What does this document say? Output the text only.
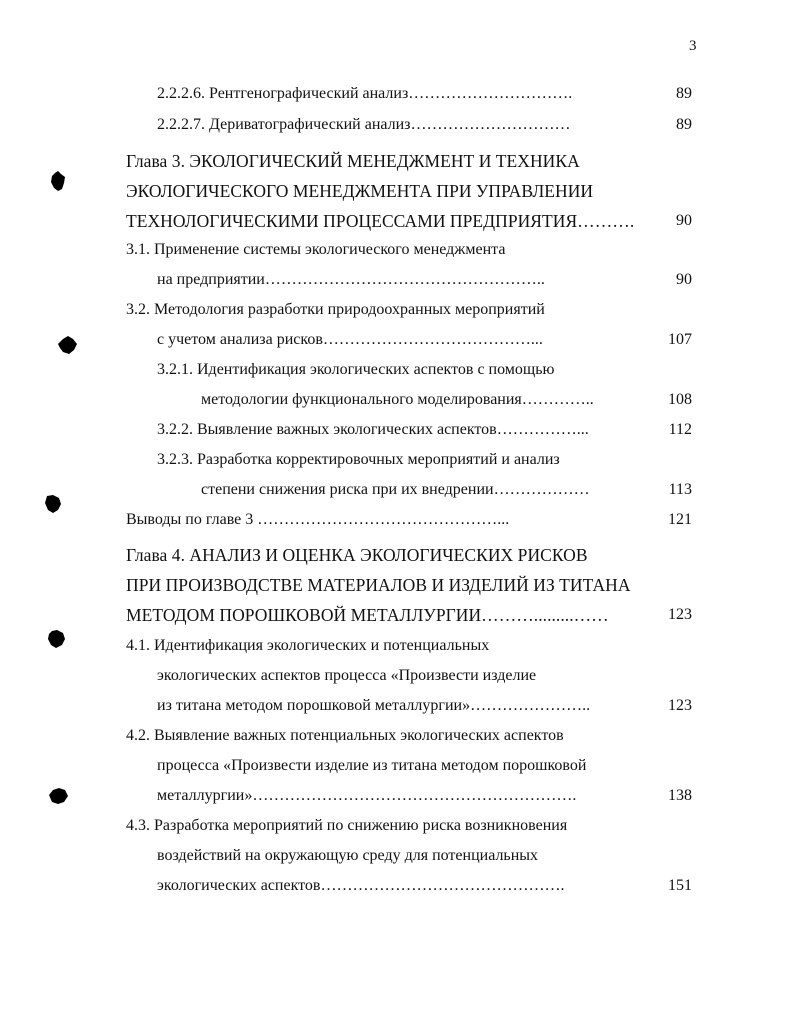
3
2.2.2.6. Рентгенографический анализ………………………….	89
2.2.2.7. Дериватографический анализ…………………………	89
Глава 3. ЭКОЛОГИЧЕСКИЙ МЕНЕДЖМЕНТ И ТЕХНИКА
ЭКОЛОГИЧЕСКОГО МЕНЕДЖМЕНТА ПРИ УПРАВЛЕНИИ
ТЕХНОЛОГИЧЕСКИМИ ПРОЦЕССАМИ ПРЕДПРИЯТИЯ……….	90
3.1. Применение системы экологического менеджмента
на предприятии……………………………………………..	90
3.2. Методология разработки природоохранных мероприятий
с учетом анализа рисков…………………………………...	107
3.2.1. Идентификация экологических аспектов с помощью
методологии функционального моделирования…………..	108
3.2.2. Выявление важных экологических аспектов……………...	112
3.2.3. Разработка корректировочных мероприятий и анализ
степени снижения риска при их внедрении………………	113
Выводы по главе 3 ………………………………………...	121
Глава 4. АНАЛИЗ И ОЦЕНКА ЭКОЛОГИЧЕСКИХ РИСКОВ
ПРИ ПРОИЗВОДСТВЕ МАТЕРИАЛОВ И ИЗДЕЛИЙ ИЗ ТИТАНА
МЕТОДОМ ПОРОШКОВОЙ МЕТАЛЛУРГИИ……….........……	123
4.1. Идентификация экологических и потенциальных
экологических аспектов процесса «Произвести изделие
из титана методом порошковой металлургии»…………………..	123
4.2. Выявление важных потенциальных экологических аспектов
процесса «Произвести изделие из титана методом порошковой
металлургии»…………………………………………………….	138
4.3. Разработка мероприятий по снижению риска возникновения
воздействий на окружающую среду для потенциальных
экологических аспектов……………………………………….	151
